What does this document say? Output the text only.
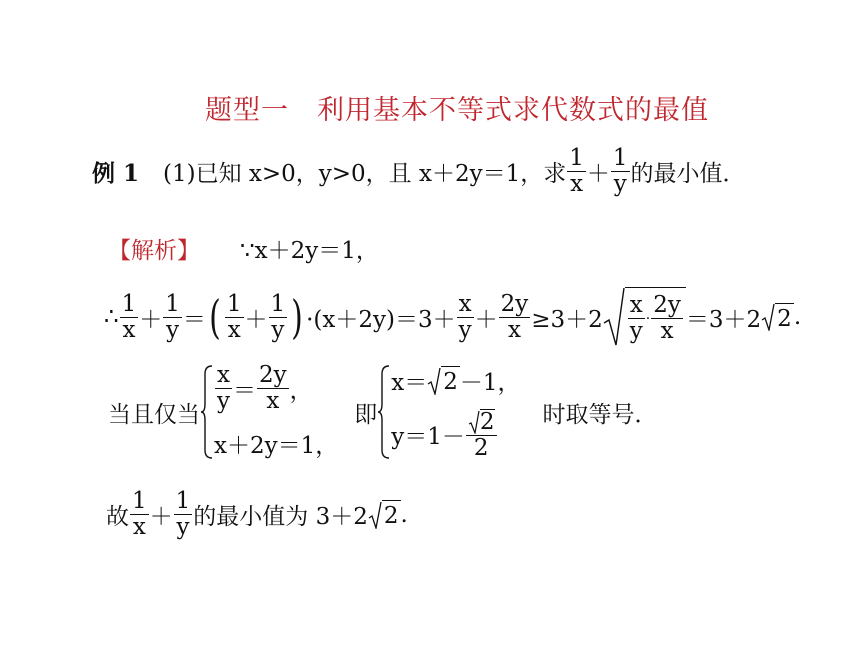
题型一　利用基本不等式求代数式的最值
例 1 (1)已知 x>0，y>0，且 x＋2y＝1，求 $\frac{1}{x} + \frac{1}{y}$ 的最小值．
【解析】 ∵x＋2y＝1，
∴ $\frac{1}{x} + \frac{1}{y}$ ＝ ( $\frac{1}{x} + \frac{1}{y}$ ) $\cdot(x+2y)=3+ \frac{x}{y} + \frac{2y}{x} \ge 3+2 \frac{x}{y} \cdot \frac{2y}{x} =3+2$ 2 .
当且仅当
$\frac{x}{y} = \frac{2y}{x}$ ，
x＋2y＝1，
即
x＝ 2 －1，
$y=1- \frac{2}{2}$ 时取等号．
故 $\frac{1}{x} + \frac{1}{y}$ 的最小值为 3＋2 2 .
